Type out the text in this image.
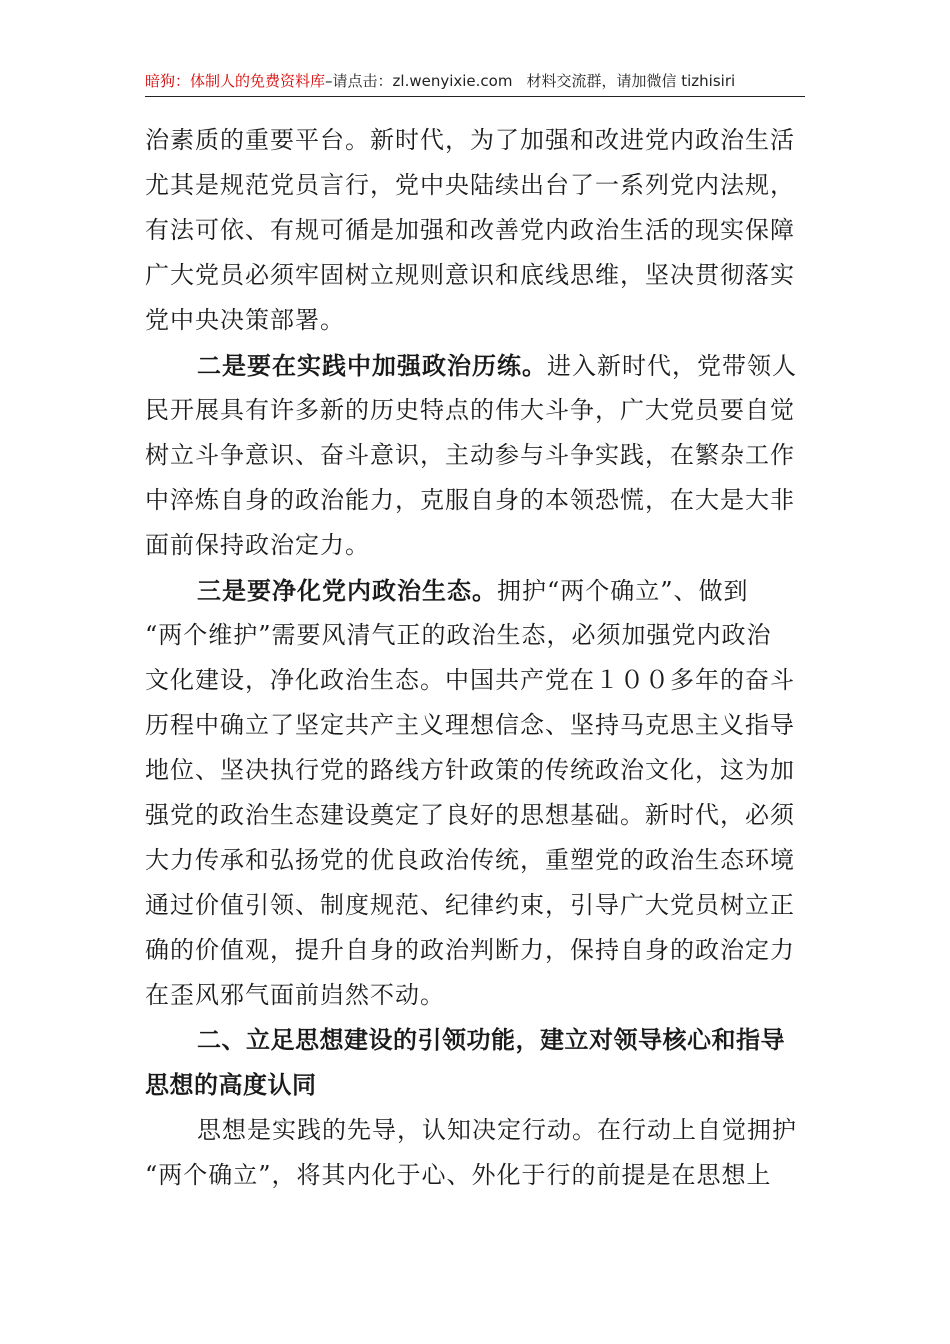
暗狗：体制人的免费资料库–请点击：zl.wenyixie.com 材料交流群，请加微信 tizhisiri
治素质的重要平台。新时代，为了加强和改进党内政治生活
尤其是规范党员言行，党中央陆续出台了一系列党内法规，
有法可依、有规可循是加强和改善党内政治生活的现实保障
广大党员必须牢固树立规则意识和底线思维，坚决贯彻落实
党中央决策部署。
二是要在实践中加强政治历练。进入新时代，党带领人
民开展具有许多新的历史特点的伟大斗争，广大党员要自觉
树立斗争意识、奋斗意识，主动参与斗争实践，在繁杂工作
中淬炼自身的政治能力，克服自身的本领恐慌，在大是大非
面前保持政治定力。
三是要净化党内政治生态。拥护“两个确立”、做到
“两个维护”需要风清气正的政治生态，必须加强党内政治
文化建设，净化政治生态。中国共产党在１００多年的奋斗
历程中确立了坚定共产主义理想信念、坚持马克思主义指导
地位、坚决执行党的路线方针政策的传统政治文化，这为加
强党的政治生态建设奠定了良好的思想基础。新时代，必须
大力传承和弘扬党的优良政治传统，重塑党的政治生态环境
通过价值引领、制度规范、纪律约束，引导广大党员树立正
确的价值观，提升自身的政治判断力，保持自身的政治定力
在歪风邪气面前岿然不动。
二、立足思想建设的引领功能，建立对领导核心和指导
思想的高度认同
思想是实践的先导，认知决定行动。在行动上自觉拥护
“两个确立”，将其内化于心、外化于行的前提是在思想上
